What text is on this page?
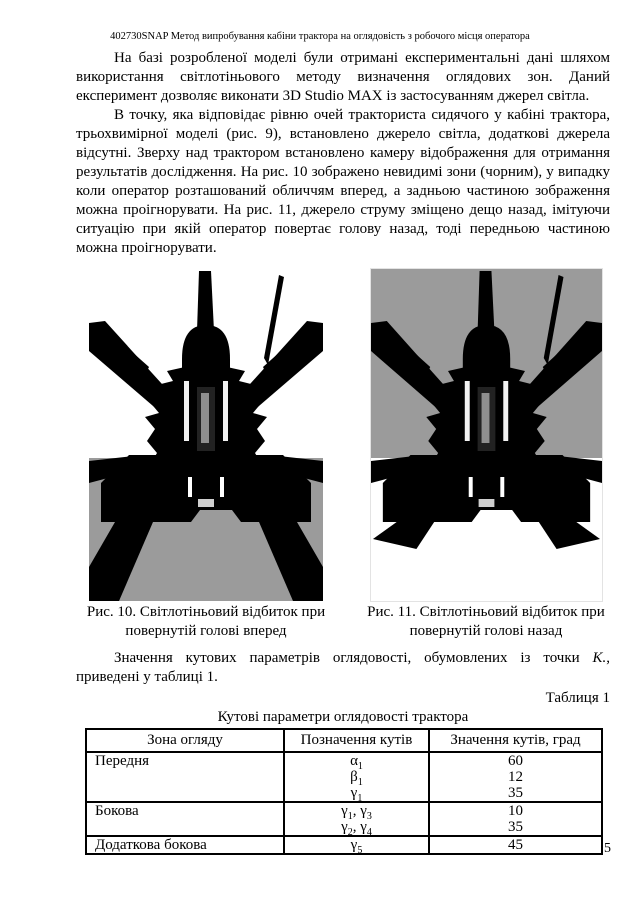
402730SNAP Метод випробування кабіни трактора на оглядовість з робочого місця оператора

На базі розробленої моделі були отримані експериментальні дані шляхом використання світлотіньового методу визначення оглядових зон. Даний експеримент дозволяє виконати 3D Studio MAX із застосуванням джерел світла.

В точку, яка відповідає рівню очей тракториста сидячого у кабіні трактора, трьохвимірної моделі (рис. 9), встановлено джерело світла, додаткові джерела відсутні. Зверху над трактором встановлено камеру відображення для отримання результатів дослідження. На рис. 10 зображено невидимі зони (чорним), у випадку коли оператор розташований обличчям вперед, а задньою частиною зображення можна проігнорувати. На рис. 11, джерело струму зміщено дещо назад, імітуючи ситуацію при якій оператор повертає голову назад, тоді передньою частиною можна проігнорувати.

Рис. 10. Світлотіньовий відбиток при
повернутій голові вперед
Рис. 11. Світлотіньовий відбиток при
повернутій голові назад

Значення кутових параметрів оглядовості, обумовлених із точки К., приведені у таблиці 1.

Таблиця 1
Кутові параметри оглядовості трактора
Зона огляду	Позначення кутів	Значення кутів, град
Передня	$\alpha_1$	60
	$\beta_1$	12
	$\gamma_1$	35
Бокова	$\gamma_1$, $\gamma_3$	10
	$\gamma_2$, $\gamma_4$	35
Додаткова бокова	$\gamma_5$	45	5
